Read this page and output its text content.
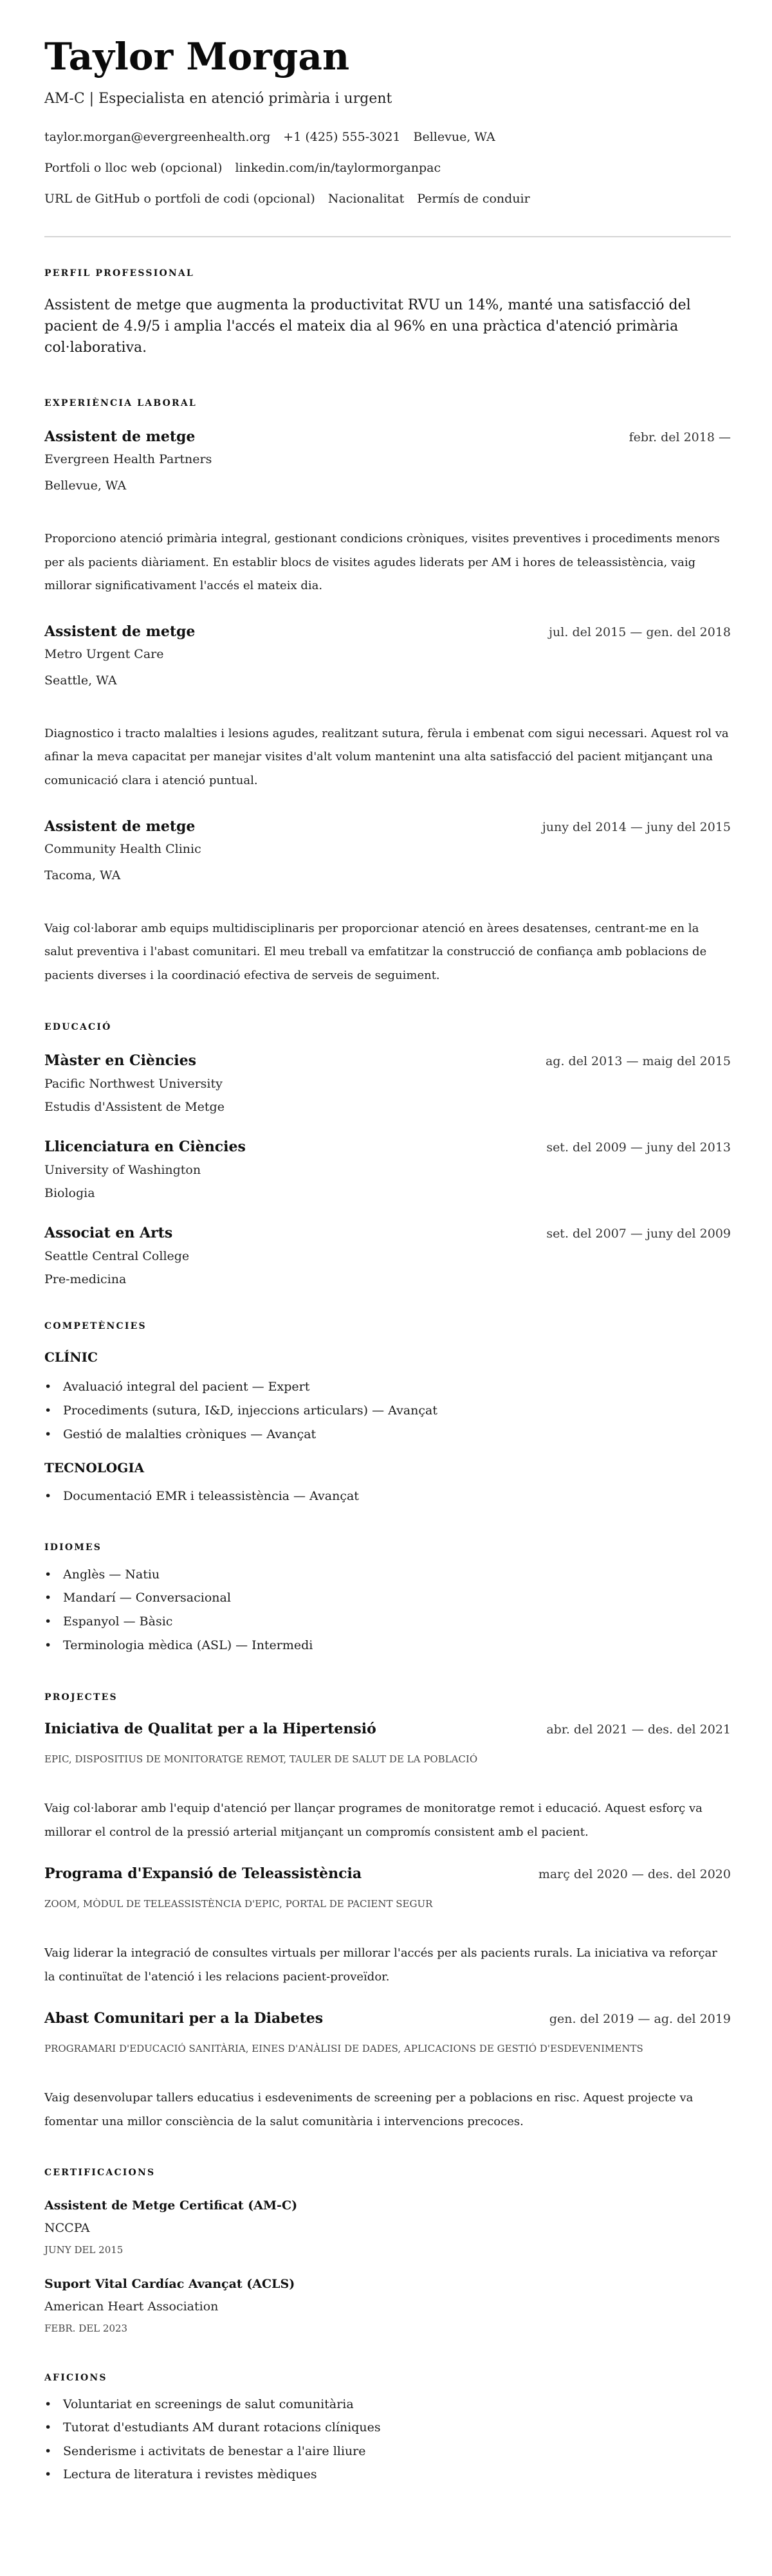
Taylor Morgan
AM-C | Especialista en atenció primària i urgent
taylor.morgan@evergreenhealth.org +1 (425) 555-3021 Bellevue, WA
Portfoli o lloc web (opcional) linkedin.com/in/taylormorganpac
URL de GitHub o portfoli de codi (opcional) Nacionalitat Permís de conduir
PERFIL PROFESSIONAL

Assistent de metge que augmenta la productivitat RVU un 14%, manté una satisfacció del pacient de 4.9/5 i amplia l'accés el mateix dia al 96% en una pràctica d'atenció primària col·laborativa.

EXPERIÈNCIA LABORAL
Assistent de metge	febr. del 2018 —
Evergreen Health Partners
Bellevue, WA

Proporciono atenció primària integral, gestionant condicions cròniques, visites preventives i procediments menors per als pacients diàriament. En establir blocs de visites agudes liderats per AM i hores de teleassistència, vaig millorar significativament l'accés el mateix dia.

Assistent de metge	jul. del 2015 — gen. del 2018
Metro Urgent Care
Seattle, WA

Diagnostico i tracto malalties i lesions agudes, realitzant sutura, fèrula i embenat com sigui necessari. Aquest rol va afinar la meva capacitat per manejar visites d'alt volum mantenint una alta satisfacció del pacient mitjançant una comunicació clara i atenció puntual.

Assistent de metge	juny del 2014 — juny del 2015
Community Health Clinic
Tacoma, WA

Vaig col·laborar amb equips multidisciplinaris per proporcionar atenció en àrees desatenses, centrant-me en la salut preventiva i l'abast comunitari. El meu treball va emfatitzar la construcció de confiança amb poblacions de pacients diverses i la coordinació efectiva de serveis de seguiment.

EDUCACIÓ
Màster en Ciències	ag. del 2013 — maig del 2015
Pacific Northwest University
Estudis d'Assistent de Metge
Llicenciatura en Ciències	set. del 2009 — juny del 2013
University of Washington
Biologia
Associat en Arts	set. del 2007 — juny del 2009
Seattle Central College
Pre-medicina
COMPETÈNCIES
CLÍNIC
• Avaluació integral del pacient — Expert
• Procediments (sutura, I&D, injeccions articulars) — Avançat
• Gestió de malalties cròniques — Avançat
TECNOLOGIA
• Documentació EMR i teleassistència — Avançat
IDIOMES
• Anglès — Natiu
• Mandarí — Conversacional
• Espanyol — Bàsic
• Terminologia mèdica (ASL) — Intermedi
PROJECTES
Iniciativa de Qualitat per a la Hipertensió	abr. del 2021 — des. del 2021
EPIC, DISPOSITIUS DE MONITORATGE REMOT, TAULER DE SALUT DE LA POBLACIÓ

Vaig col·laborar amb l'equip d'atenció per llançar programes de monitoratge remot i educació. Aquest esforç va millorar el control de la pressió arterial mitjançant un compromís consistent amb el pacient.

Programa d'Expansió de Teleassistència	març del 2020 — des. del 2020
ZOOM, MÒDUL DE TELEASSISTÈNCIA D'EPIC, PORTAL DE PACIENT SEGUR

Vaig liderar la integració de consultes virtuals per millorar l'accés per als pacients rurals. La iniciativa va reforçar la continuïtat de l'atenció i les relacions pacient-proveïdor.

Abast Comunitari per a la Diabetes	gen. del 2019 — ag. del 2019
PROGRAMARI D'EDUCACIÓ SANITÀRIA, EINES D'ANÀLISI DE DADES, APLICACIONS DE GESTIÓ D'ESDEVENIMENTS

Vaig desenvolupar tallers educatius i esdeveniments de screening per a poblacions en risc. Aquest projecte va fomentar una millor consciència de la salut comunitària i intervencions precoces.

CERTIFICACIONS
Assistent de Metge Certificat (AM-C)
NCCPA
JUNY DEL 2015
Suport Vital Cardíac Avançat (ACLS)
American Heart Association
FEBR. DEL 2023
AFICIONS
• Voluntariat en screenings de salut comunitària
• Tutorat d'estudiants AM durant rotacions clíniques
• Senderisme i activitats de benestar a l'aire lliure
• Lectura de literatura i revistes mèdiques
